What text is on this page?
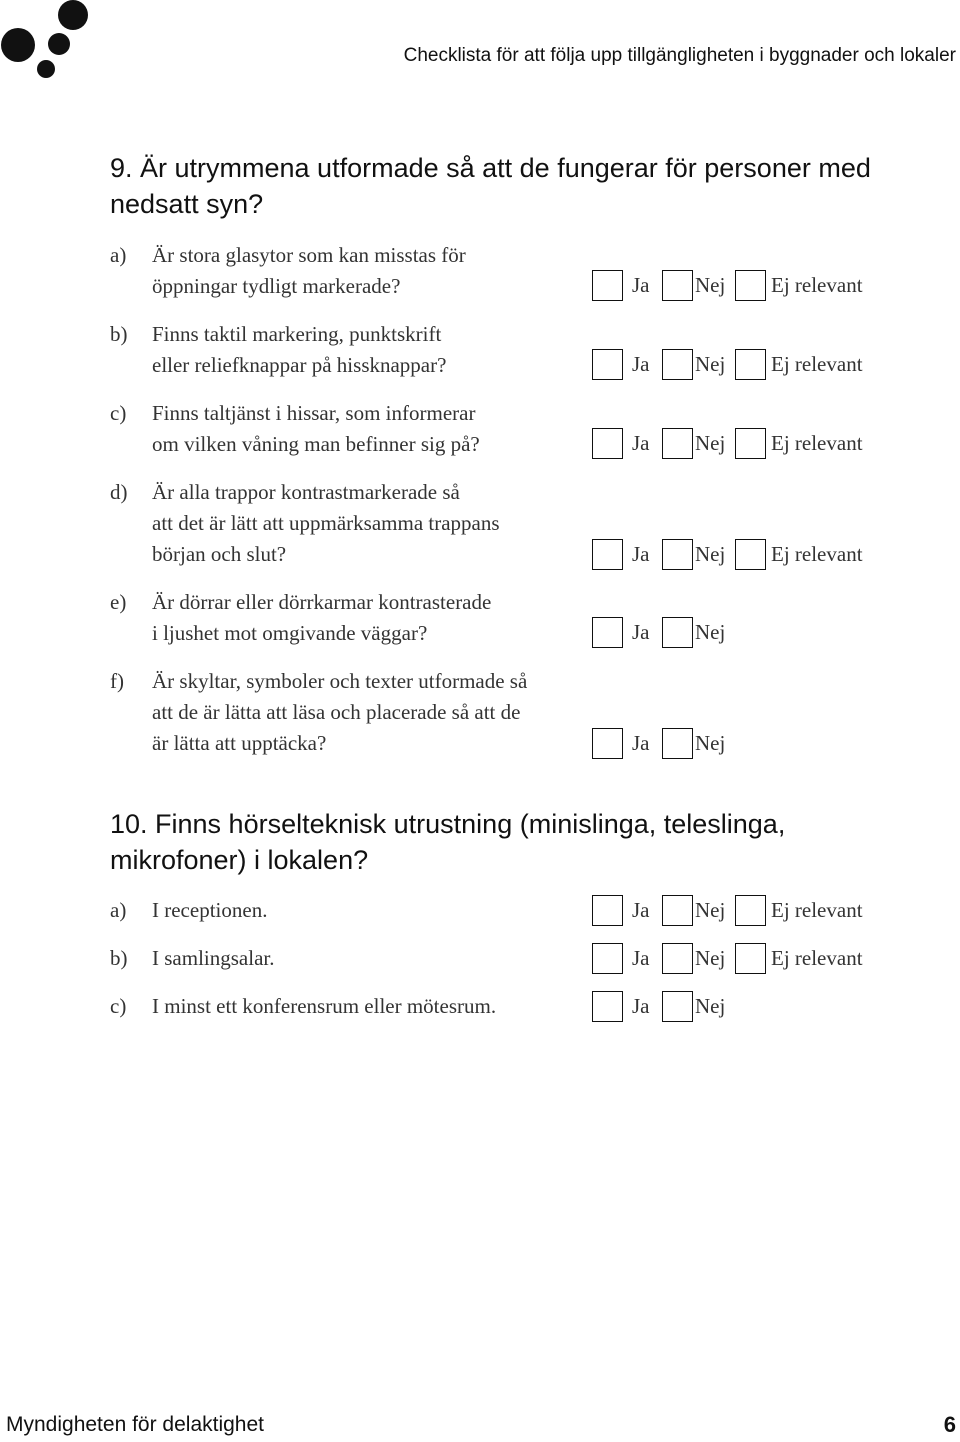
Checklista för att följa upp tillgängligheten i byggnader och lokaler
9. Är utrymmena utformade så att de fungerar för personer med nedsatt syn?
a) Är stora glasytor som kan misstas för
öppningar tydligt markerade?	Ja Nej Ej relevant
b) Finns taktil markering, punktskrift
eller reliefknappar på hissknappar?	Ja Nej Ej relevant
c) Finns taltjänst i hissar, som informerar
om vilken våning man befinner sig på?	Ja Nej Ej relevant
d) Är alla trappor kontrastmarkerade så
att det är lätt att uppmärksamma trappans
början och slut?	Ja Nej Ej relevant
e) Är dörrar eller dörrkarmar kontrasterade
i ljushet mot omgivande väggar?	Ja Nej
f) Är skyltar, symboler och texter utformade så
att de är lätta att läsa och placerade så att de
är lätta att upptäcka?	Ja Nej
10. Finns hörselteknisk utrustning (minislinga, teleslinga, mikrofoner) i lokalen?
a) I receptionen.	Ja Nej Ej relevant
b) I samlingsalar.	Ja Nej Ej relevant
c) I minst ett konferensrum eller mötesrum.	Ja Nej
Myndigheten för delaktighet	6
